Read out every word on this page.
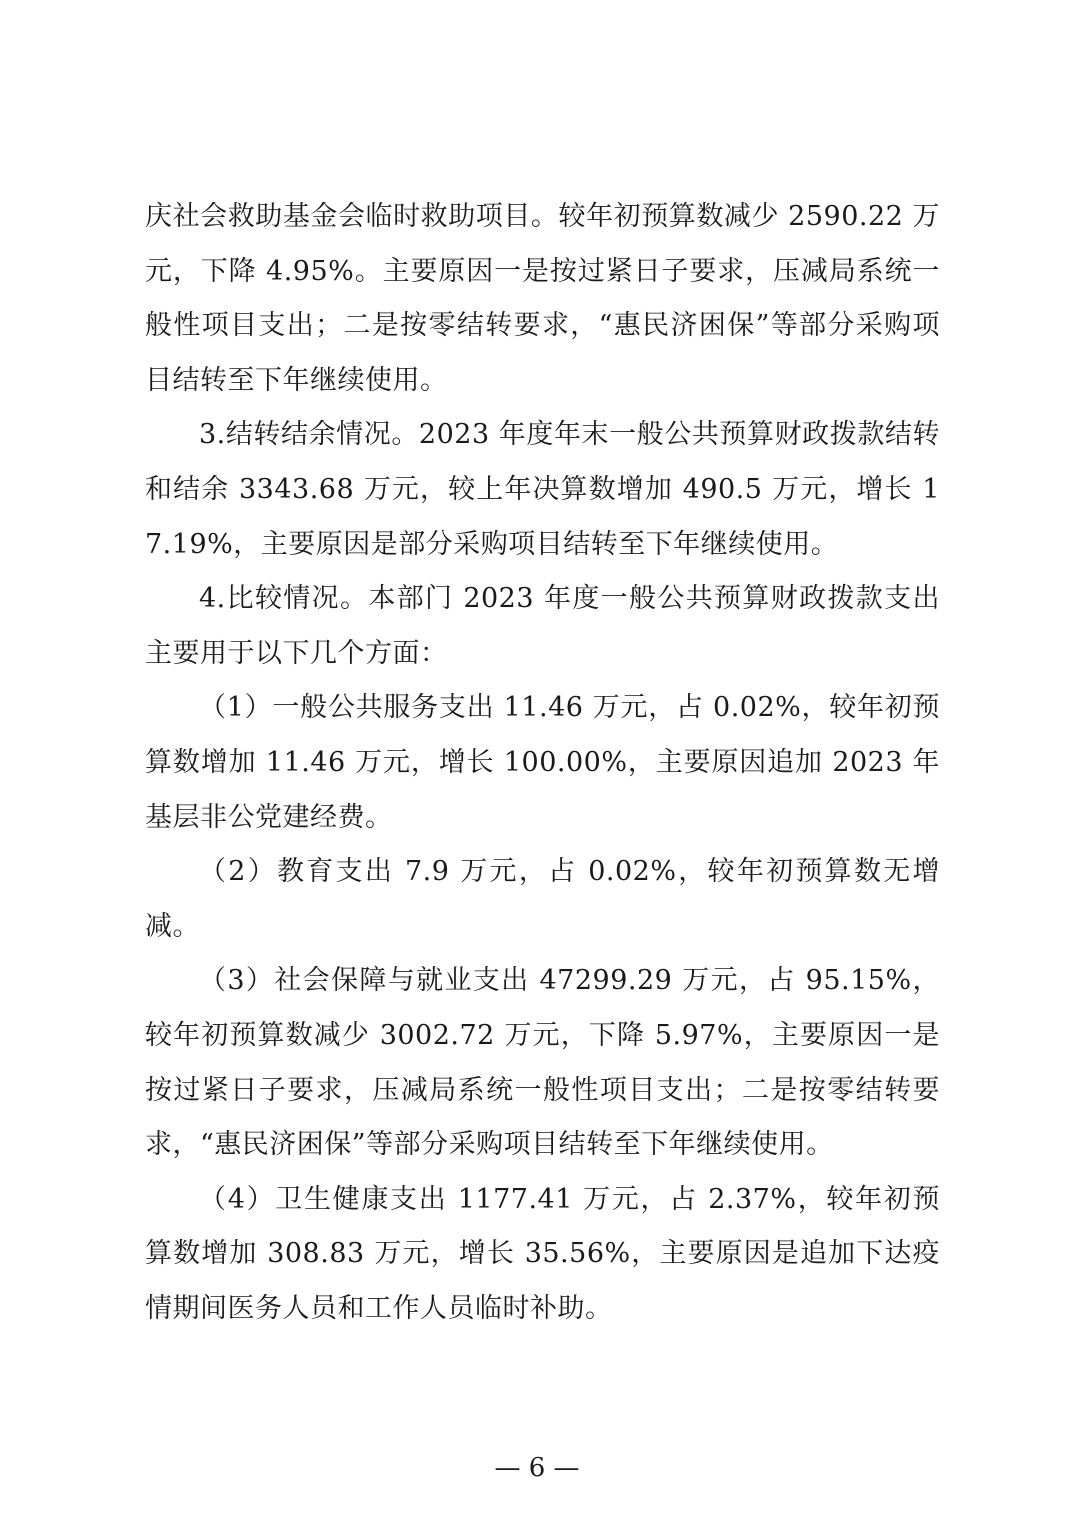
庆社会救助基金会临时救助项目。较年初预算数减少 2590.22 万元，下降 4.95%。主要原因一是按过紧日子要求，压减局系统一般性项目支出；二是按零结转要求，“惠民济困保”等部分采购项目结转至下年继续使用。

3.结转结余情况。2023 年度年末一般公共预算财政拨款结转和结余 3343.68 万元，较上年决算数增加 490.5 万元，增长 17.19%，主要原因是部分采购项目结转至下年继续使用。

4.比较情况。本部门 2023 年度一般公共预算财政拨款支出主要用于以下几个方面：

（1）一般公共服务支出 11.46 万元，占 0.02%，较年初预算数增加 11.46 万元，增长 100.00%，主要原因追加 2023 年基层非公党建经费。

（2）教育支出 7.9 万元，占 0.02%，较年初预算数无增减。

（3）社会保障与就业支出 47299.29 万元，占 95.15%，较年初预算数减少 3002.72 万元，下降 5.97%，主要原因一是按过紧日子要求，压减局系统一般性项目支出；二是按零结转要求，“惠民济困保”等部分采购项目结转至下年继续使用。

（4）卫生健康支出 1177.41 万元，占 2.37%，较年初预算数增加 308.83 万元，增长 35.56%，主要原因是追加下达疫情期间医务人员和工作人员临时补助。

— 6 —
